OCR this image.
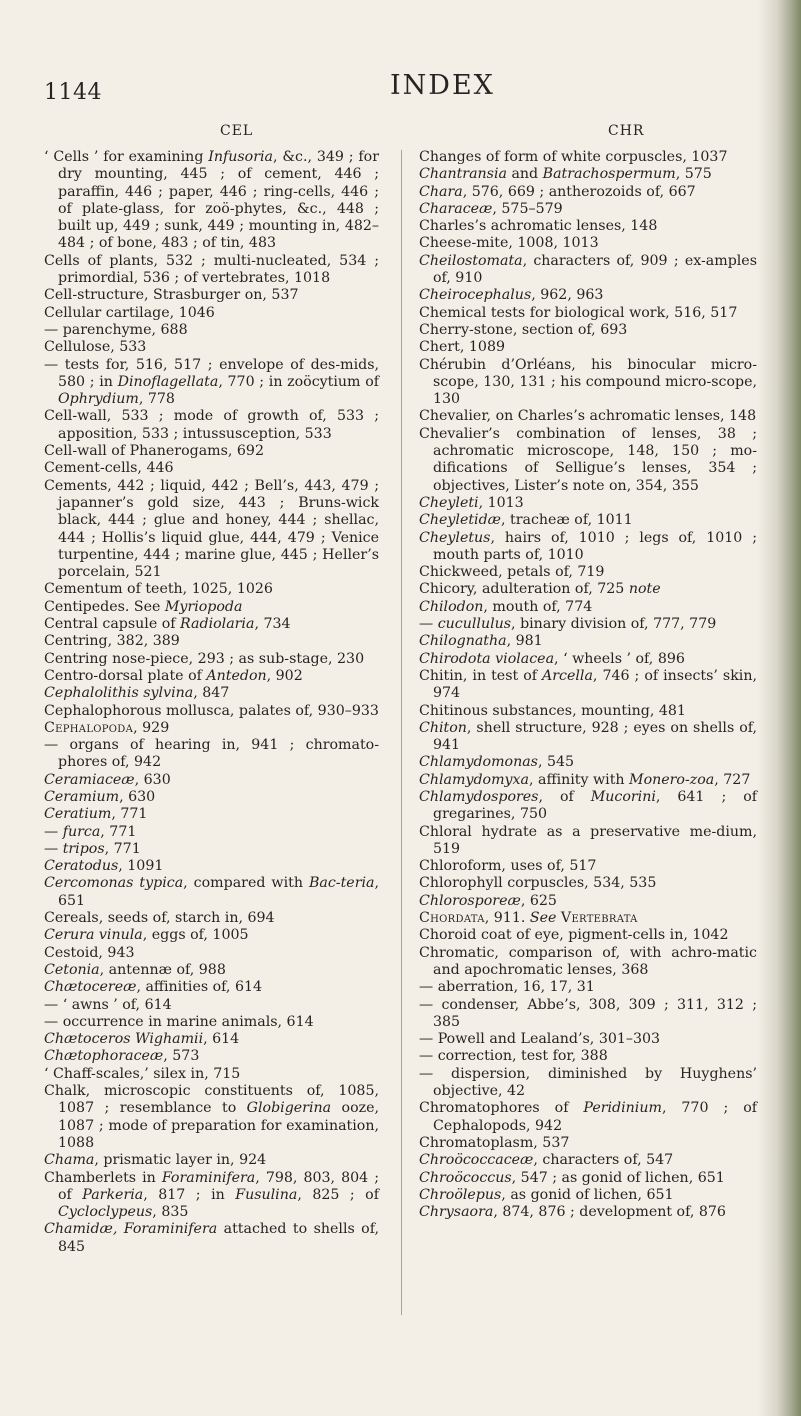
1144	INDEX
CEL	CHR

‘ Cells ’ for examining Infusoria, &c., 349 ; for dry mounting, 445 ; of cement, 446 ; paraffin, 446 ; paper, 446 ; ring-cells, 446 ; of plate-glass, for zoö-phytes, &c., 448 ; built up, 449 ; sunk, 449 ; mounting in, 482–484 ; of bone, 483 ; of tin, 483

Cells of plants, 532 ; multi-nucleated, 534 ; primordial, 536 ; of vertebrates, 1018

Cell-structure, Strasburger on, 537

Cellular cartilage, 1046

— parenchyme, 688

Cellulose, 533

— tests for, 516, 517 ; envelope of des-mids, 580 ; in Dinoflagellata, 770 ; in zoöcytium of Ophrydium, 778

Cell-wall, 533 ; mode of growth of, 533 ; apposition, 533 ; intussusception, 533

Cell-wall of Phanerogams, 692

Cement-cells, 446

Cements, 442 ; liquid, 442 ; Bell’s, 443, 479 ; japanner’s gold size, 443 ; Bruns-wick black, 444 ; glue and honey, 444 ; shellac, 444 ; Hollis’s liquid glue, 444, 479 ; Venice turpentine, 444 ; marine glue, 445 ; Heller’s porcelain, 521

Cementum of teeth, 1025, 1026

Centipedes. See Myriopoda

Central capsule of Radiolaria, 734

Centring, 382, 389

Centring nose-piece, 293 ; as sub-stage, 230

Centro-dorsal plate of Antedon, 902

Cephalolithis sylvina, 847

Cephalophorous mollusca, palates of, 930–933

Cephalopoda, 929

— organs of hearing in, 941 ; chromato-phores of, 942

Ceramiaceæ, 630

Ceramium, 630

Ceratium, 771

— furca, 771

— tripos, 771

Ceratodus, 1091

Cercomonas typica, compared with Bac-teria, 651

Cereals, seeds of, starch in, 694

Cerura vinula, eggs of, 1005

Cestoid, 943

Cetonia, antennæ of, 988

Chætocereæ, affinities of, 614

— ‘ awns ’ of, 614

— occurrence in marine animals, 614

Chætoceros Wighamii, 614

Chætophoraceæ, 573

‘ Chaff-scales,’ silex in, 715

Chalk, microscopic constituents of, 1085, 1087 ; resemblance to Globigerina ooze, 1087 ; mode of preparation for examination, 1088

Chama, prismatic layer in, 924

Chamberlets in Foraminifera, 798, 803, 804 ; of Parkeria, 817 ; in Fusulina, 825 ; of Cycloclypeus, 835

Chamidæ, Foraminifera attached to shells of, 845

Changes of form of white corpuscles, 1037

Chantransia and Batrachospermum, 575

Chara, 576, 669 ; antherozoids of, 667

Characeæ, 575–579

Charles’s achromatic lenses, 148

Cheese-mite, 1008, 1013

Cheilostomata, characters of, 909 ; ex-amples of, 910

Cheirocephalus, 962, 963

Chemical tests for biological work, 516, 517

Cherry-stone, section of, 693

Chert, 1089

Chérubin d’Orléans, his binocular micro-scope, 130, 131 ; his compound micro-scope, 130

Chevalier, on Charles’s achromatic lenses, 148

Chevalier’s combination of lenses, 38 ; achromatic microscope, 148, 150 ; mo-difications of Selligue’s lenses, 354 ; objectives, Lister’s note on, 354, 355

Cheyleti, 1013

Cheyletidæ, tracheæ of, 1011

Cheyletus, hairs of, 1010 ; legs of, 1010 ; mouth parts of, 1010

Chickweed, petals of, 719

Chicory, adulteration of, 725 note

Chilodon, mouth of, 774

— cucullulus, binary division of, 777, 779

Chilognatha, 981

Chirodota violacea, ‘ wheels ’ of, 896

Chitin, in test of Arcella, 746 ; of insects’ skin, 974

Chitinous substances, mounting, 481

Chiton, shell structure, 928 ; eyes on shells of, 941

Chlamydomonas, 545

Chlamydomyxa, affinity with Monero-zoa, 727

Chlamydospores, of Mucorini, 641 ; of gregarines, 750

Chloral hydrate as a preservative me-dium, 519

Chloroform, uses of, 517

Chlorophyll corpuscles, 534, 535

Chlorosporeæ, 625

Chordata, 911. See Vertebrata

Choroid coat of eye, pigment-cells in, 1042

Chromatic, comparison of, with achro-matic and apochromatic lenses, 368

— aberration, 16, 17, 31

— condenser, Abbe’s, 308, 309 ; 311, 312 ; 385

— Powell and Lealand’s, 301–303

— correction, test for, 388

— dispersion, diminished by Huyghens’ objective, 42

Chromatophores of Peridinium, 770 ; of Cephalopods, 942

Chromatoplasm, 537

Chroöcoccaceæ, characters of, 547

Chroöcoccus, 547 ; as gonid of lichen, 651

Chroölepus, as gonid of lichen, 651

Chrysaora, 874, 876 ; development of, 876
